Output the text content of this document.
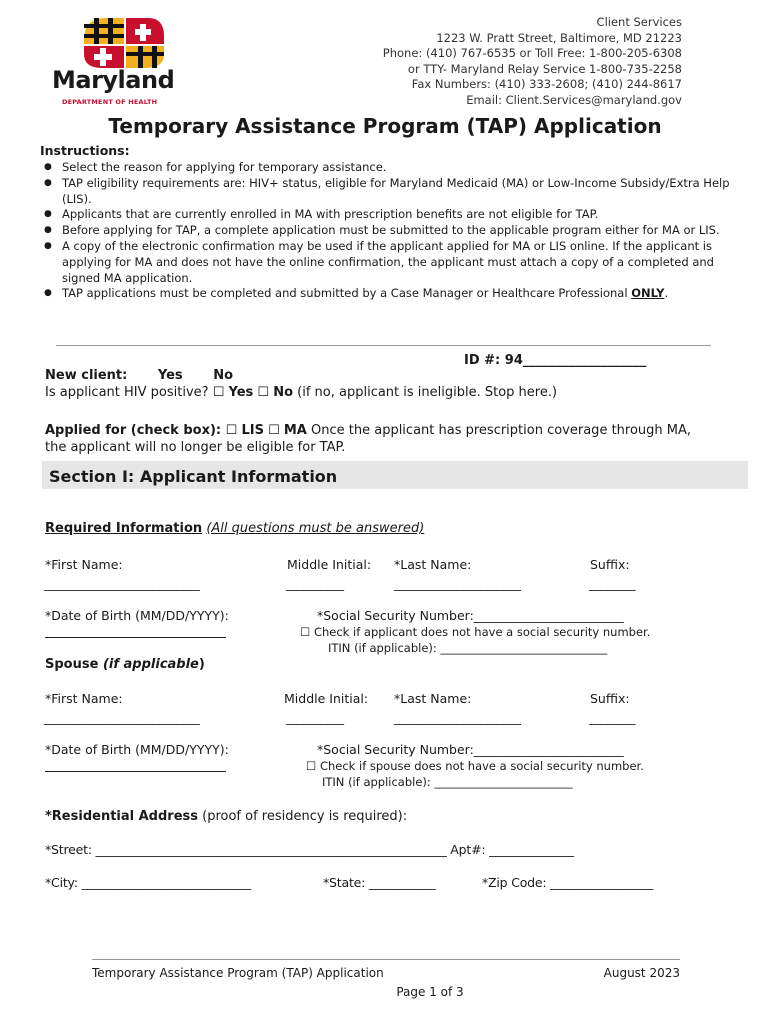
Maryland
DEPARTMENT OF HEALTH
Client Services
1223 W. Pratt Street, Baltimore, MD 21223
Phone: (410) 767-6535 or Toll Free: 1-800-205-6308
or TTY- Maryland Relay Service 1-800-735-2258
Fax Numbers: (410) 333-2608; (410) 244-8617
Email: Client.Services@maryland.gov
Temporary Assistance Program (TAP) Application
Instructions:
● Select the reason for applying for temporary assistance.
● TAP eligibility requirements are: HIV+ status, eligible for Maryland Medicaid (MA) or Low-Income Subsidy/Extra Help (LIS).
● Applicants that are currently enrolled in MA with prescription benefits are not eligible for TAP.
● Before applying for TAP, a complete application must be submitted to the applicable program either for MA or LIS.
● A copy of the electronic confirmation may be used if the applicant applied for MA or LIS online. If the applicant is applying for MA and does not have the online confirmation, the applicant must attach a copy of a completed and signed MA application.
● TAP applications must be completed and submitted by a Case Manager or Healthcare Professional ONLY.
ID #: 94___________________
New client: Yes No
Is applicant HIV positive? ☐ Yes ☐ No (if no, applicant is ineligible. Stop here.)
Applied for (check box): ☐ LIS ☐ MA Once the applicant has prescription coverage through MA, the applicant will no longer be eligible for TAP.
Section I: Applicant Information
Required Information (All questions must be answered)
*First Name:	Middle Initial: *Last Name:	Suffix:
___________________________	__________	______________________	________
*Date of Birth (MM/DD/YYYY):	*Social Security Number:________________________
☐ Check if applicant does not have a social security number.
ITIN (if applicable): _____________________________
Spouse (if applicable)
*First Name:	Middle Initial: *Last Name:	Suffix:
___________________________	__________	______________________	________
*Date of Birth (MM/DD/YYYY):	*Social Security Number:________________________
☐ Check if spouse does not have a social security number.
ITIN (if applicable): ________________________
*Residential Address (proof of residency is required):
*Street: __________________________________________________________ Apt#: ______________
*City: ____________________________	*State: ___________	*Zip Code: _________________
Temporary Assistance Program (TAP) Application	August 2023
Page 1 of 3
